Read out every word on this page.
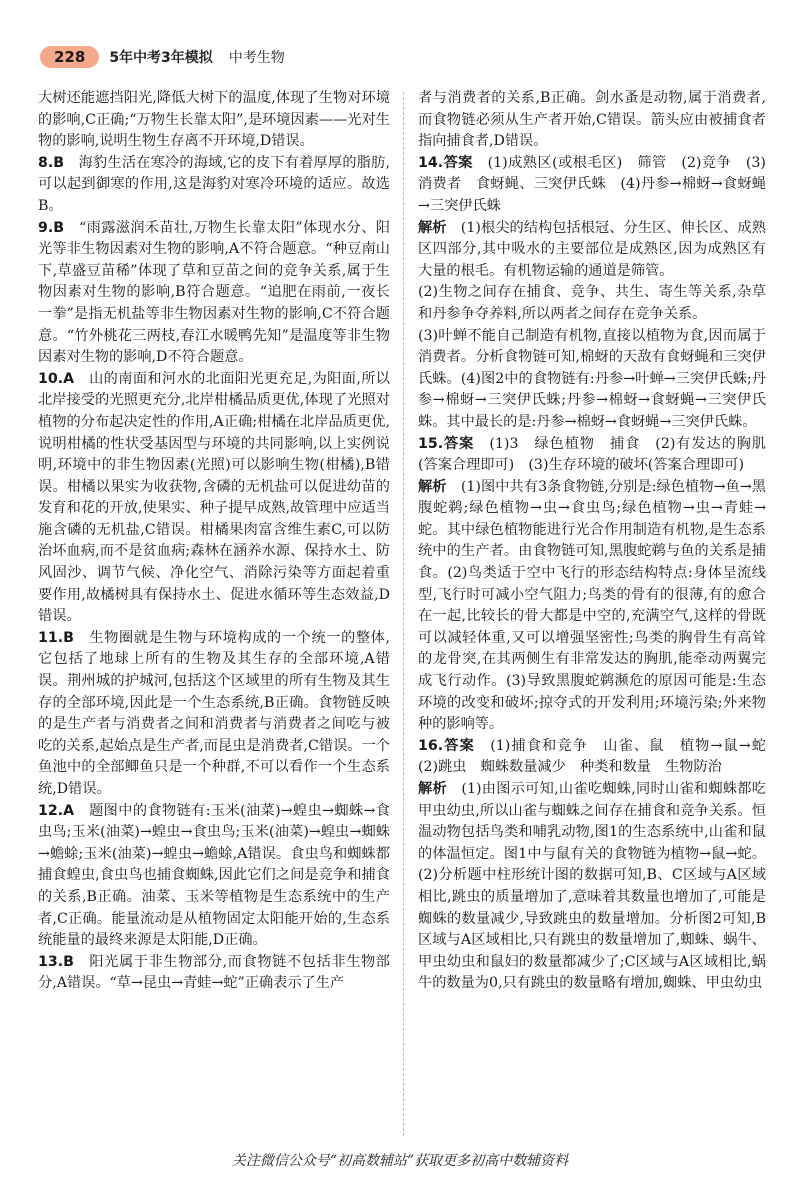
228	5年中考3年模拟 中考生物
大树还能遮挡阳光,降低大树下的温度,体现了生物对环境的影响,C正确;“万物生长靠太阳”,是环境因素——光对生物的影响,说明生物生存离不开环境,D错误。
8.B　 海豹生活在寒冷的海域,它的皮下有着厚厚的脂肪,可以起到御寒的作用,这是海豹对寒冷环境的适应。故选B。
9.B　 “雨露滋润禾苗壮,万物生长靠太阳”体现水分、阳光等非生物因素对生物的影响,A不符合题意。“种豆南山下,草盛豆苗稀”体现了草和豆苗之间的竞争关系,属于生物因素对生物的影响,B符合题意。“追肥在雨前,一夜长一拳”是指无机盐等非生物因素对生物的影响,C不符合题意。“竹外桃花三两枝,春江水暖鸭先知”是温度等非生物因素对生物的影响,D不符合题意。
10.A　 山的南面和河水的北面阳光更充足,为阳面,所以北岸接受的光照更充分,北岸柑橘品质更优,体现了光照对植物的分布起决定性的作用,A正确;柑橘在北岸品质更优,说明柑橘的性状受基因型与环境的共同影响,以上实例说明,环境中的非生物因素(光照)可以影响生物(柑橘),B错误。柑橘以果实为收获物,含磷的无机盐可以促进幼苗的发育和花的开放,使果实、种子提早成熟,故管理中应适当施含磷的无机盐,C错误。柑橘果肉富含维生素C,可以防治坏血病,而不是贫血病;森林在涵养水源、保持水土、防风固沙、调节气候、净化空气、消除污染等方面起着重要作用,故橘树具有保持水土、促进水循环等生态效益,D错误。
11.B　 生物圈就是生物与环境构成的一个统一的整体,它包括了地球上所有的生物及其生存的全部环境,A错误。荆州城的护城河,包括这个区域里的所有生物及其生存的全部环境,因此是一个生态系统,B正确。食物链反映的是生产者与消费者之间和消费者与消费者之间吃与被吃的关系,起始点是生产者,而昆虫是消费者,C错误。一个鱼池中的全部鲫鱼只是一个种群,不可以看作一个生态系统,D错误。
12.A　 题图中的食物链有:玉米(油菜)→蝗虫→蜘蛛→食虫鸟;玉米(油菜)→蝗虫→食虫鸟;玉米(油菜)→蝗虫→蜘蛛→蟾蜍;玉米(油菜)→蝗虫→蟾蜍,A错误。食虫鸟和蜘蛛都捕食蝗虫,食虫鸟也捕食蜘蛛,因此它们之间是竞争和捕食的关系,B正确。油菜、玉米等植物是生态系统中的生产者,C正确。能量流动是从植物固定太阳能开始的,生态系统能量的最终来源是太阳能,D正确。
13.B　 阳光属于非生物部分,而食物链不包括非生物部分,A错误。“草→昆虫→青蛙→蛇”正确表示了生产
者与消费者的关系,B正确。剑水蚤是动物,属于消费者,而食物链必须从生产者开始,C错误。箭头应由被捕食者指向捕食者,D错误。
14.答案　 (1)成熟区(或根毛区)　筛管　(2)竞争　(3)消费者　食蚜蝇、三突伊氏蛛　(4)丹参→棉蚜→食蚜蝇→三突伊氏蛛
解析　 (1)根尖的结构包括根冠、分生区、伸长区、成熟区四部分,其中吸水的主要部位是成熟区,因为成熟区有大量的根毛。有机物运输的通道是筛管。
(2)生物之间存在捕食、竞争、共生、寄生等关系,杂草和丹参争夺养料,所以两者之间存在竞争关系。
(3)叶蝉不能自己制造有机物,直接以植物为食,因而属于消费者。分析食物链可知,棉蚜的天敌有食蚜蝇和三突伊氏蛛。(4)图2中的食物链有:丹参→叶蝉→三突伊氏蛛;丹参→棉蚜→三突伊氏蛛;丹参→棉蚜→食蚜蝇→三突伊氏蛛。其中最长的是:丹参→棉蚜→食蚜蝇→三突伊氏蛛。
15.答案　 (1)3　绿色植物　捕食　(2)有发达的胸肌(答案合理即可)　(3)生存环境的破坏(答案合理即可)
解析　 (1)图中共有3条食物链,分别是:绿色植物→鱼→黑腹蛇鹈;绿色植物→虫→食虫鸟;绿色植物→虫→青蛙→蛇。其中绿色植物能进行光合作用制造有机物,是生态系统中的生产者。由食物链可知,黑腹蛇鹈与鱼的关系是捕食。(2)鸟类适于空中飞行的形态结构特点:身体呈流线型,飞行时可减小空气阻力;鸟类的骨有的很薄,有的愈合在一起,比较长的骨大都是中空的,充满空气,这样的骨既可以减轻体重,又可以增强坚密性;鸟类的胸骨生有高耸的龙骨突,在其两侧生有非常发达的胸肌,能牵动两翼完成飞行动作。(3)导致黑腹蛇鹈濒危的原因可能是:生态环境的改变和破坏;掠夺式的开发利用;环境污染;外来物种的影响等。
16.答案　 (1)捕食和竞争　山雀、鼠　植物→鼠→蛇　(2)跳虫　蜘蛛数量减少　种类和数量　生物防治
解析　 (1)由图示可知,山雀吃蜘蛛,同时山雀和蜘蛛都吃甲虫幼虫,所以山雀与蜘蛛之间存在捕食和竞争关系。恒温动物包括鸟类和哺乳动物,图1的生态系统中,山雀和鼠的体温恒定。图1中与鼠有关的食物链为植物→鼠→蛇。(2)分析题中柱形统计图的数据可知,B、C区域与A区域相比,跳虫的质量增加了,意味着其数量也增加了,可能是蜘蛛的数量减少,导致跳虫的数量增加。分析图2可知,B区域与A区域相比,只有跳虫的数量增加了,蜘蛛、蜗牛、甲虫幼虫和鼠妇的数量都减少了;C区域与A区域相比,蜗牛的数量为0,只有跳虫的数量略有增加,蜘蛛、甲虫幼虫
关注微信公众号“初高数辅站”获取更多初高中数辅资料
